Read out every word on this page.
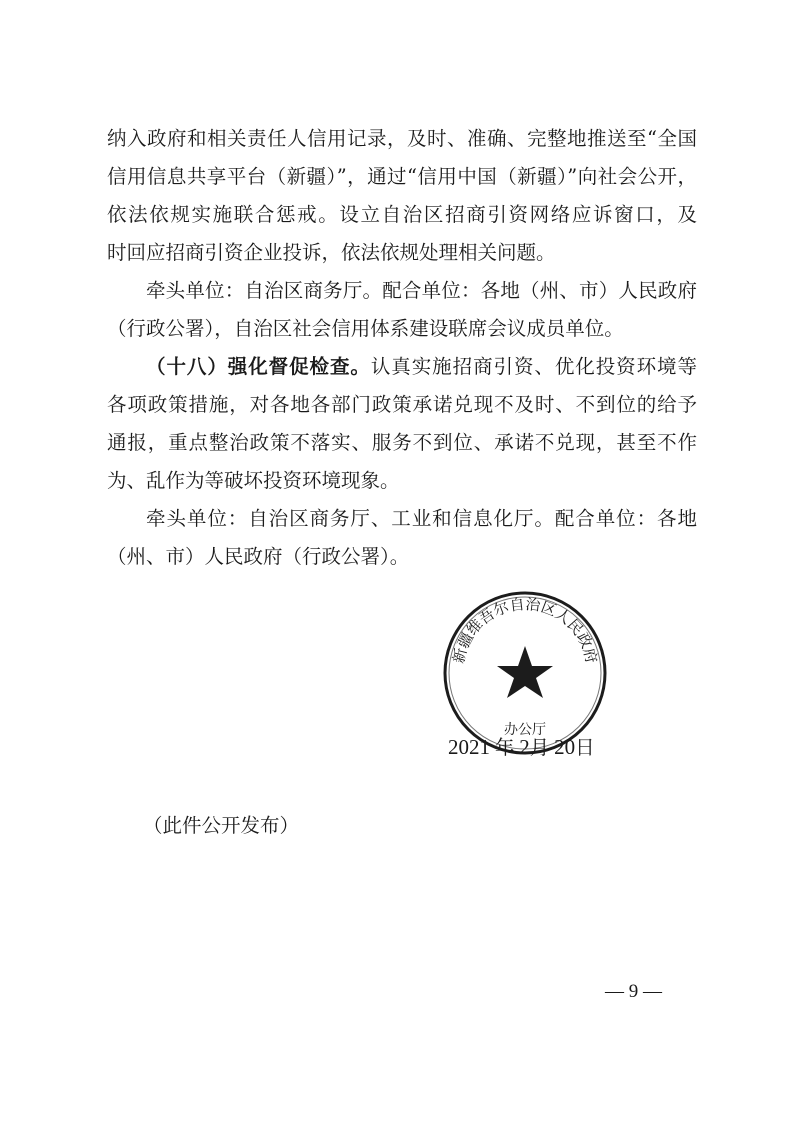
纳入政府和相关责任人信用记录，及时、准确、完整地推送至“全国
信用信息共享平台（新疆）”，通过“信用中国（新疆）”向社会公开，
依法依规实施联合惩戒。设立自治区招商引资网络应诉窗口，及
时回应招商引资企业投诉，依法依规处理相关问题。
牵头单位：自治区商务厅。配合单位：各地（州、市）人民政府
（行政公署），自治区社会信用体系建设联席会议成员单位。
（十八）强化督促检查。认真实施招商引资、优化投资环境等
各项政策措施，对各地各部门政策承诺兑现不及时、不到位的给予
通报，重点整治政策不落实、服务不到位、承诺不兑现，甚至不作
为、乱作为等破坏投资环境现象。
牵头单位：自治区商务厅、工业和信息化厅。配合单位：各地
（州、市）人民政府（行政公署）。
2021 年 2月 20日
新疆维吾尔自治区人民政府
办公厅
（此件公开发布）
— 9 —
